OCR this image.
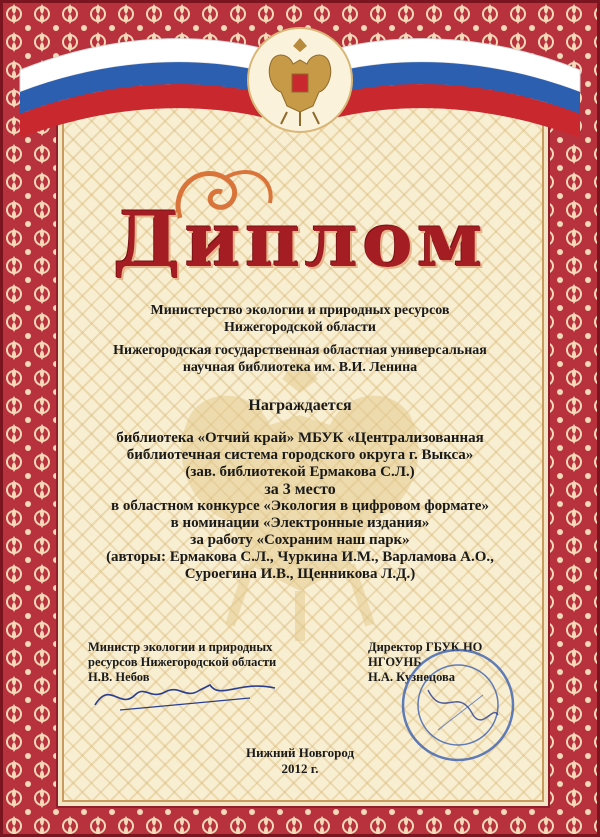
Диплом
Министерство экологии и природных ресурсов
Нижегородской области
Нижегородская государственная областная универсальная
научная библиотека им. В.И. Ленина
Награждается
библиотека «Отчий край» МБУК «Централизованная
библиотечная система городского округа г. Выкса»
(зав. библиотекой Ермакова С.Л.)
за 3 место
в областном конкурсе «Экология в цифровом формате»
в номинации «Электронные издания»
за работу «Сохраним наш парк»
(авторы: Ермакова С.Л., Чуркина И.М., Варламова А.О.,
Суроегина И.В., Щенникова Л.Д.)
Министр экологии и природных
ресурсов Нижегородской области
Н.В. Небов
Директор ГБУК НО
НГОУНБ
Н.А. Кузнецова
Нижний Новгород
2012 г.
